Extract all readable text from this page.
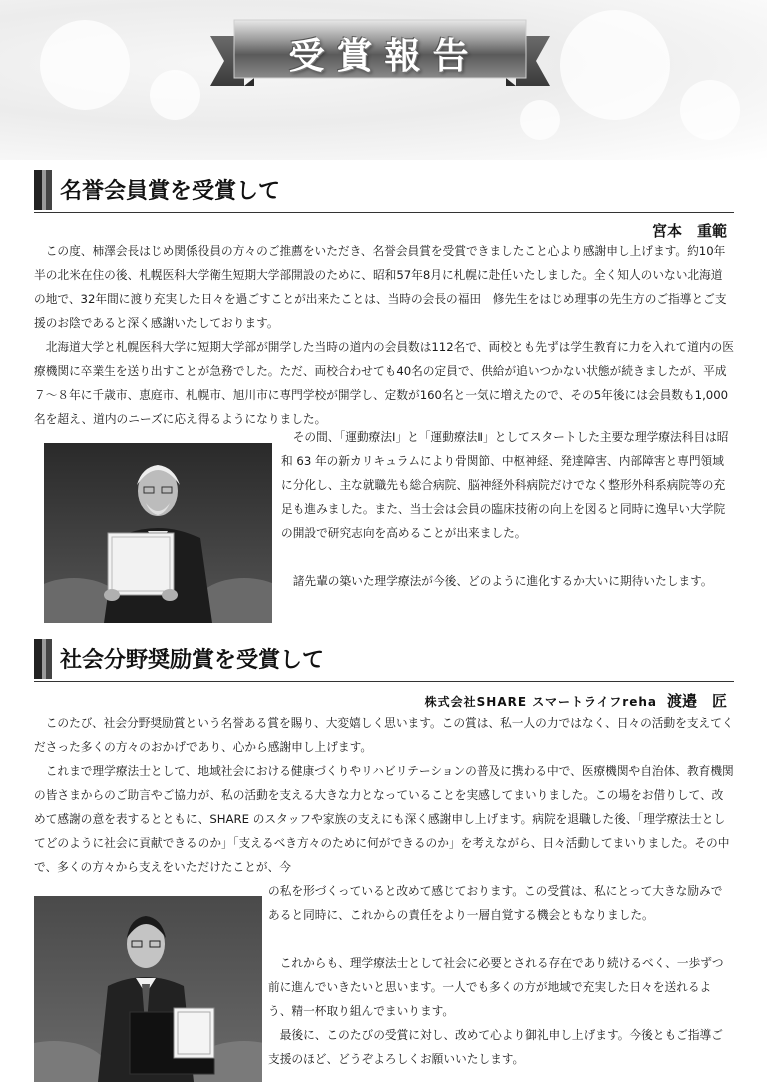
受賞報告
名誉会員賞を受賞して
宮本　重範

この度、柿澤会長はじめ関係役員の方々のご推薦をいただき、名誉会員賞を受賞できましたこと心より感謝申し上げます。約10年半の北米在住の後、札幌医科大学衛生短期大学部開設のために、昭和57年8月に札幌に赴任いたしました。全く知人のいない北海道の地で、32年間に渡り充実した日々を過ごすことが出来たことは、当時の会長の福田　修先生をはじめ理事の先生方のご指導とご支援のお陰であると深く感謝いたしております。

北海道大学と札幌医科大学に短期大学部が開学した当時の道内の会員数は112名で、両校とも先ずは学生教育に力を入れて道内の医療機関に卒業生を送り出すことが急務でした。ただ、両校合わせても40名の定員で、供給が追いつかない状態が続きましたが、平成７～８年に千歳市、恵庭市、札幌市、旭川市に専門学校が開学し、定数が160名と一気に増えたので、その5年後には会員数も1,000名を超え、道内のニーズに応え得るようになりました。

その間、「運動療法Ⅰ」と「運動療法Ⅱ」としてスタートした主要な理学療法科目は昭和 63 年の新カリキュラムにより骨関節、中枢神経、発達障害、内部障害と専門領域に分化し、主な就職先も総合病院、脳神経外科病院だけでなく整形外科系病院等の充足も進みました。また、当士会は会員の臨床技術の向上を図ると同時に逸早い大学院の開設で研究志向を高めることが出来ました。

諸先輩の築いた理学療法が今後、どのように進化するか大いに期待いたします。

社会分野奨励賞を受賞して
株式会社SHARE スマートライフreha 渡邉　匠

このたび、社会分野奨励賞という名誉ある賞を賜り、大変嬉しく思います。この賞は、私一人の力ではなく、日々の活動を支えてくださった多くの方々のおかげであり、心から感謝申し上げます。

これまで理学療法士として、地域社会における健康づくりやリハビリテーションの普及に携わる中で、医療機関や自治体、教育機関の皆さまからのご助言やご協力が、私の活動を支える大きな力となっていることを実感してまいりました。この場をお借りして、改めて感謝の意を表するとともに、SHARE のスタッフや家族の支えにも深く感謝申し上げます。病院を退職した後、「理学療法士としてどのように社会に貢献できるのか」「支えるべき方々のために何ができるのか」を考えながら、日々活動してまいりました。その中で、多くの方々から支えをいただけたことが、今

の私を形づくっていると改めて感じております。この受賞は、私にとって大きな励みであると同時に、これからの責任をより一層自覚する機会ともなりました。

これからも、理学療法士として社会に必要とされる存在であり続けるべく、一歩ずつ前に進んでいきたいと思います。一人でも多くの方が地域で充実した日々を送れるよう、精一杯取り組んでまいります。

最後に、このたびの受賞に対し、改めて心より御礼申し上げます。今後ともご指導ご支援のほど、どうぞよろしくお願いいたします。
